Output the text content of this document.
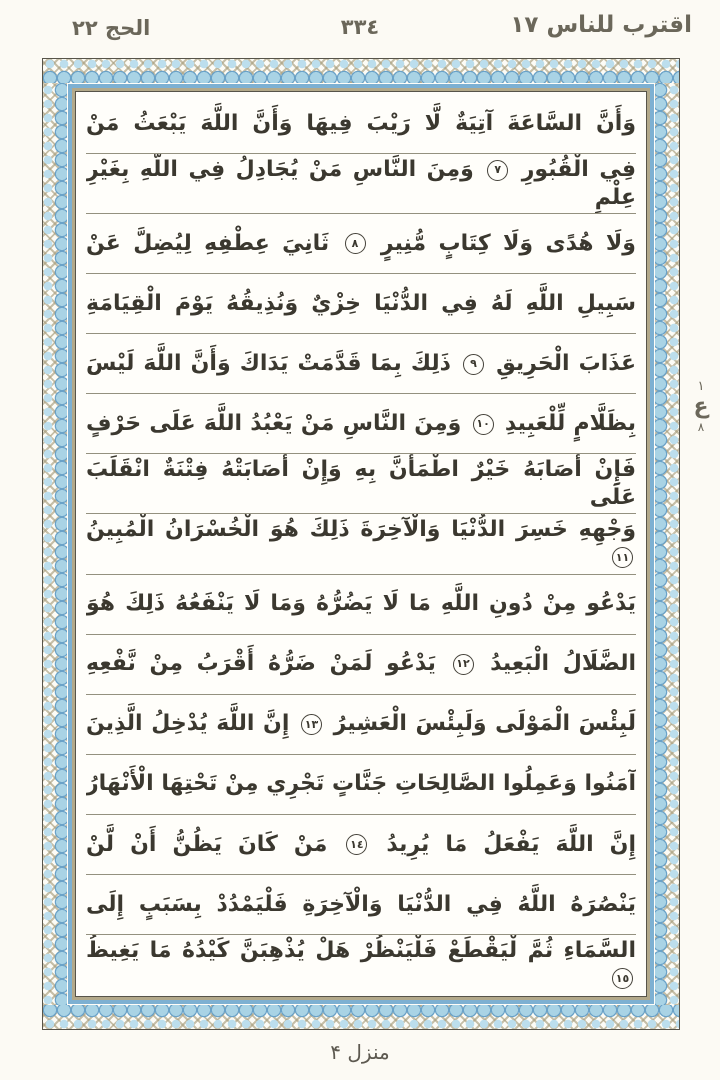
اقترب للناس ١٧
٣٣٤
الحج ٢٢
وَأَنَّ السَّاعَةَ آتِيَةٌ لَّا رَيْبَ فِيهَا وَأَنَّ اللَّهَ يَبْعَثُ مَنْ
فِي الْقُبُورِ ٧ وَمِنَ النَّاسِ مَنْ يُجَادِلُ فِي اللَّهِ بِغَيْرِ عِلْمٍ
وَلَا هُدًى وَلَا كِتَابٍ مُّنِيرٍ ٨ ثَانِيَ عِطْفِهِ لِيُضِلَّ عَنْ
سَبِيلِ اللَّهِ لَهُ فِي الدُّنْيَا خِزْيٌ وَنُذِيقُهُ يَوْمَ الْقِيَامَةِ
عَذَابَ الْحَرِيقِ ٩ ذَلِكَ بِمَا قَدَّمَتْ يَدَاكَ وَأَنَّ اللَّهَ لَيْسَ
بِظَلَّامٍ لِّلْعَبِيدِ ١٠ وَمِنَ النَّاسِ مَنْ يَعْبُدُ اللَّهَ عَلَى حَرْفٍ
فَإِنْ أَصَابَهُ خَيْرٌ اطْمَأَنَّ بِهِ وَإِنْ أَصَابَتْهُ فِتْنَةٌ انْقَلَبَ عَلَى
وَجْهِهِ خَسِرَ الدُّنْيَا وَالْآخِرَةَ ذَلِكَ هُوَ الْخُسْرَانُ الْمُبِينُ ١١
يَدْعُو مِنْ دُونِ اللَّهِ مَا لَا يَضُرُّهُ وَمَا لَا يَنْفَعُهُ ذَلِكَ هُوَ
الضَّلَالُ الْبَعِيدُ ١٢ يَدْعُو لَمَنْ ضَرُّهُ أَقْرَبُ مِنْ نَّفْعِهِ
لَبِئْسَ الْمَوْلَى وَلَبِئْسَ الْعَشِيرُ ١٣ إِنَّ اللَّهَ يُدْخِلُ الَّذِينَ
آمَنُوا وَعَمِلُوا الصَّالِحَاتِ جَنَّاتٍ تَجْرِي مِنْ تَحْتِهَا الْأَنْهَارُ
إِنَّ اللَّهَ يَفْعَلُ مَا يُرِيدُ ١٤ مَنْ كَانَ يَظُنُّ أَنْ لَّنْ
يَنْصُرَهُ اللَّهُ فِي الدُّنْيَا وَالْآخِرَةِ فَلْيَمْدُدْ بِسَبَبٍ إِلَى
السَّمَاءِ ثُمَّ لْيَقْطَعْ فَلْيَنْظُرْ هَلْ يُذْهِبَنَّ كَيْدُهُ مَا يَغِيظُ ١٥
١
ع
٨
منزل ۴
